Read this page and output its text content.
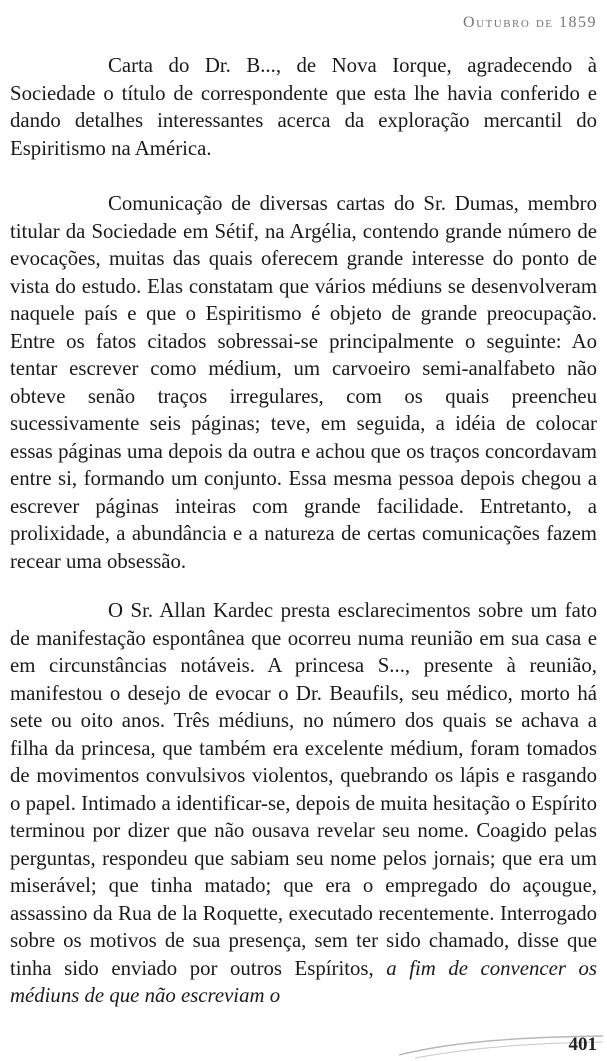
Outubro de 1859

Carta do Dr. B..., de Nova Iorque, agradecendo à Sociedade o título de correspondente que esta lhe havia conferido e dando detalhes interessantes acerca da exploração mercantil do Espiritismo na América.

Comunicação de diversas cartas do Sr. Dumas, membro titular da Sociedade em Sétif, na Argélia, contendo grande número de evocações, muitas das quais oferecem grande interesse do ponto de vista do estudo. Elas constatam que vários médiuns se desenvolveram naquele país e que o Espiritismo é objeto de grande preocupação. Entre os fatos citados sobressai-se principalmente o seguinte: Ao tentar escrever como médium, um carvoeiro semi-analfabeto não obteve senão traços irregulares, com os quais preencheu sucessivamente seis páginas; teve, em seguida, a idéia de colocar essas páginas uma depois da outra e achou que os traços concordavam entre si, formando um conjunto. Essa mesma pessoa depois chegou a escrever páginas inteiras com grande facilidade. Entretanto, a prolixidade, a abundância e a natureza de certas comunicações fazem recear uma obsessão.

O Sr. Allan Kardec presta esclarecimentos sobre um fato de manifestação espontânea que ocorreu numa reunião em sua casa e em circunstâncias notáveis. A princesa S..., presente à reunião, manifestou o desejo de evocar o Dr. Beaufils, seu médico, morto há sete ou oito anos. Três médiuns, no número dos quais se achava a filha da princesa, que também era excelente médium, foram tomados de movimentos convulsivos violentos, quebrando os lápis e rasgando o papel. Intimado a identificar-se, depois de muita hesitação o Espírito terminou por dizer que não ousava revelar seu nome. Coagido pelas perguntas, respondeu que sabiam seu nome pelos jornais; que era um miserável; que tinha matado; que era o empregado do açougue, assassino da Rua de la Roquette, executado recentemente. Interrogado sobre os motivos de sua presença, sem ter sido chamado, disse que tinha sido enviado por outros Espíritos, a fim de convencer os médiuns de que não escreviam o

401
